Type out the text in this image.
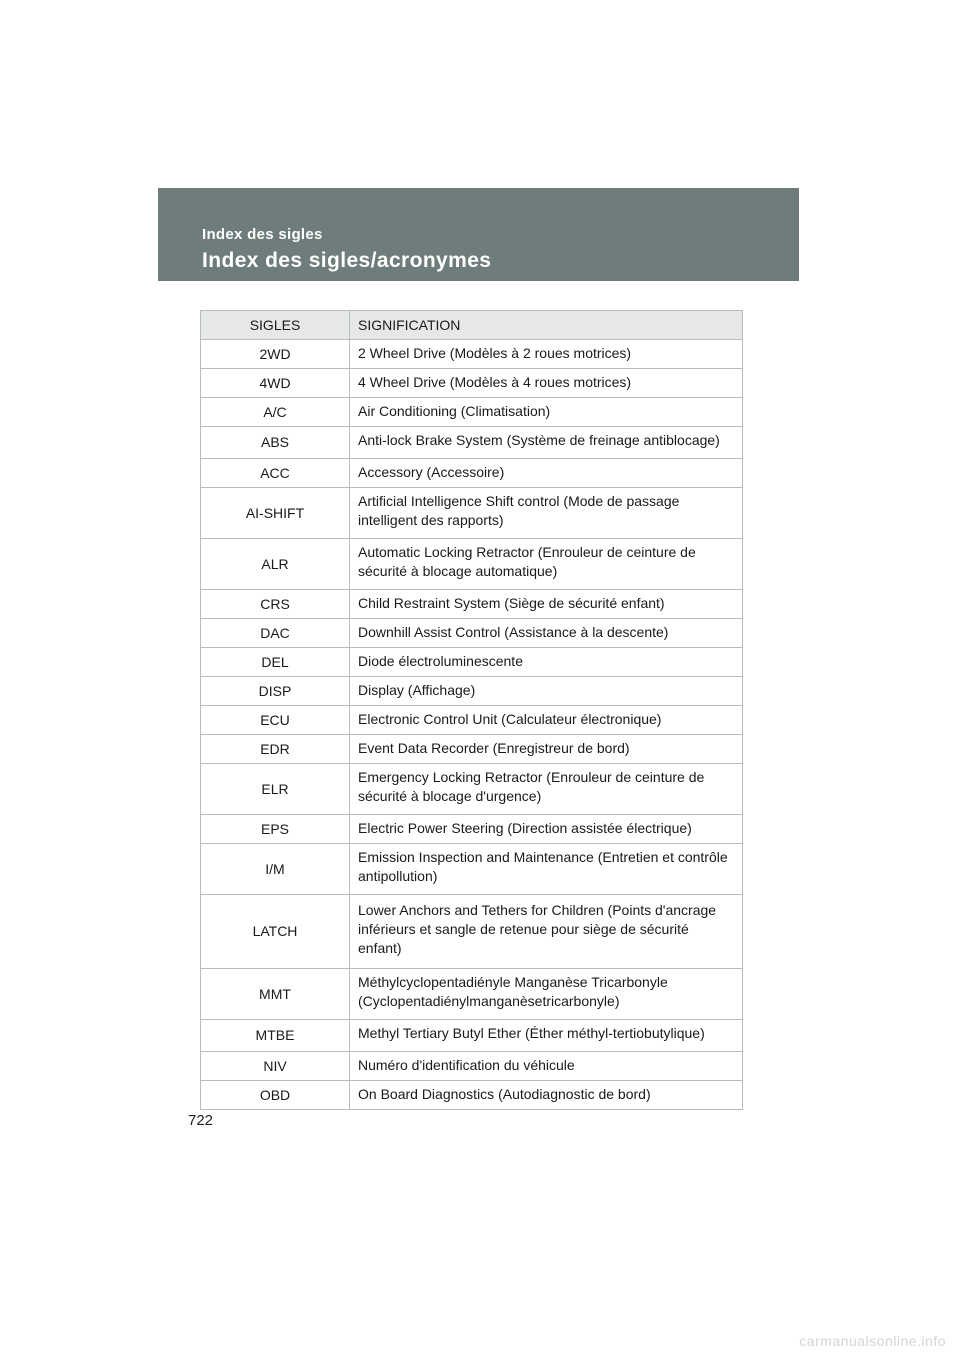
Index des sigles
Index des sigles/acronymes
SIGLES	SIGNIFICATION
2WD	2 Wheel Drive (Modèles à 2 roues motrices)
4WD	4 Wheel Drive (Modèles à 4 roues motrices)
A/C	Air Conditioning (Climatisation)
ABS	Anti-lock Brake System (Système de freinage antiblocage)
ACC	Accessory (Accessoire)
AI-SHIFT	Artificial Intelligence Shift control (Mode de passage intelligent des rapports)
ALR	Automatic Locking Retractor (Enrouleur de ceinture de sécurité à blocage automatique)
CRS	Child Restraint System (Siège de sécurité enfant)
DAC	Downhill Assist Control (Assistance à la descente)
DEL	Diode électroluminescente
DISP	Display (Affichage)
ECU	Electronic Control Unit (Calculateur électronique)
EDR	Event Data Recorder (Enregistreur de bord)
ELR	Emergency Locking Retractor (Enrouleur de ceinture de sécurité à blocage d'urgence)
EPS	Electric Power Steering (Direction assistée électrique)
I/M	Emission Inspection and Maintenance (Entretien et contrôle antipollution)
LATCH	Lower Anchors and Tethers for Children (Points d'ancrage inférieurs et sangle de retenue pour siège de sécurité enfant)
MMT	Méthylcyclopentadiényle Manganèse Tricarbonyle (Cyclopentadiénylmanganèsetricarbonyle)
MTBE	Methyl Tertiary Butyl Ether (Éther méthyl-tertiobutylique)
NIV	Numéro d'identification du véhicule
OBD	On Board Diagnostics (Autodiagnostic de bord)
722
carmanualsonline.info
